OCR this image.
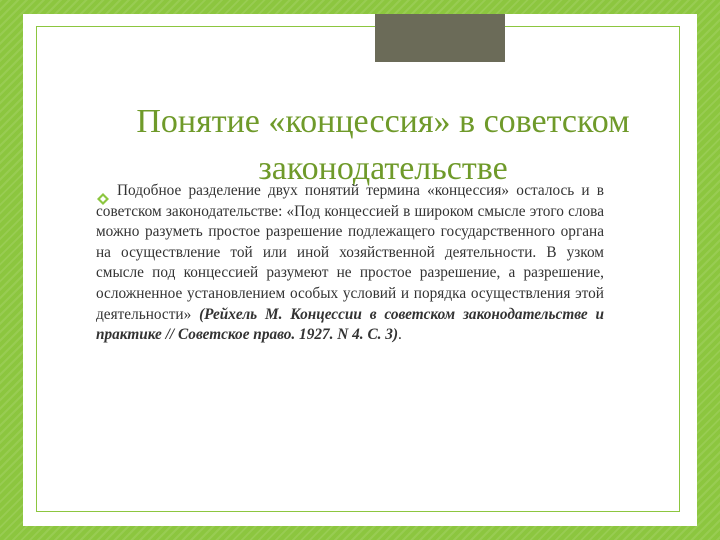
Понятие «концессия» в советском
законодательстве

Подобное разделение двух понятий термина «концессия» осталось и в советском законодательстве: «Под концессией в широком смысле этого слова можно разуметь простое разрешение подлежащего государственного органа на осуществление той или иной хозяйственной деятельности. В узком смысле под концессией разумеют не простое разрешение, а разрешение, осложненное установлением особых условий и порядка осуществления этой деятельности» (Рейхель М. Концессии в советском законодательстве и практике // Советское право. 1927. N 4. С. 3).
